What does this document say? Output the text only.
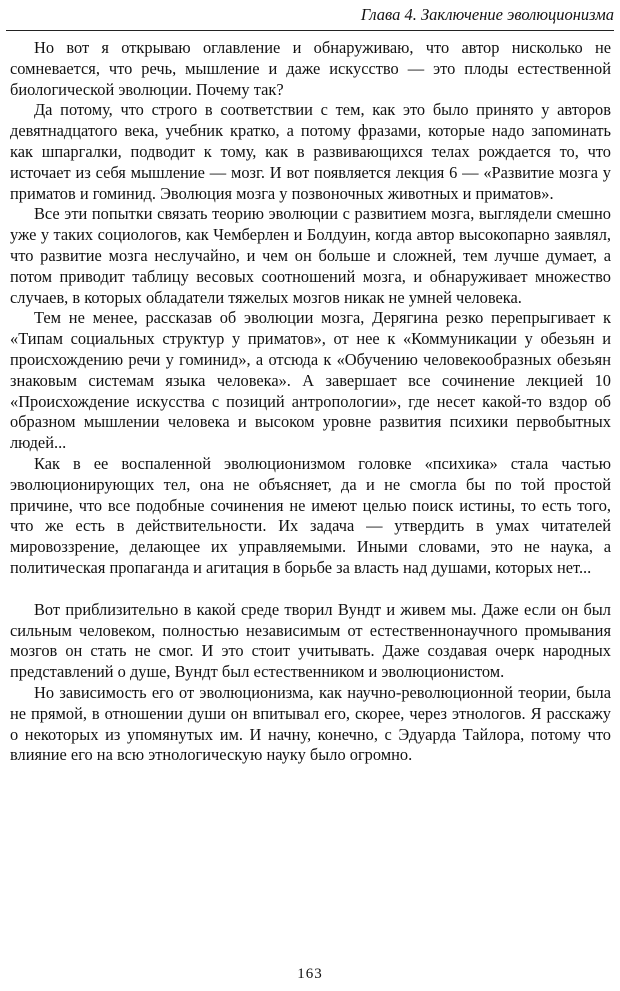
Глава 4. Заключение эволюционизма

Но вот я открываю оглавление и обнаруживаю, что автор нисколько не сомневается, что речь, мышление и даже искусство — это плоды естественной биологической эволюции. Почему так?

Да потому, что строго в соответствии с тем, как это было принято у авторов девятнадцатого века, учебник кратко, а потому фразами, которые надо запоминать как шпаргалки, подводит к тому, как в развивающихся телах рождается то, что источает из себя мышление — мозг. И вот появляется лекция 6 — «Развитие мозга у приматов и гоминид. Эволюция мозга у позвоночных животных и приматов».

Все эти попытки связать теорию эволюции с развитием мозга, выглядели смешно уже у таких социологов, как Чемберлен и Болдуин, когда автор высокопарно заявлял, что развитие мозга неслучайно, и чем он больше и сложней, тем лучше думает, а потом приводит таблицу весовых соотношений мозга, и обнаруживает множество случаев, в которых обладатели тяжелых мозгов никак не умней человека.

Тем не менее, рассказав об эволюции мозга, Дерягина резко перепрыгивает к «Типам социальных структур у приматов», от нее к «Коммуникации у обезьян и происхождению речи у гоминид», а отсюда к «Обучению человекообразных обезьян знаковым системам языка человека». А завершает все сочинение лекцией 10 «Происхождение искусства с позиций антропологии», где несет какой-то вздор об образном мышлении человека и высоком уровне развития психики первобытных людей...

Как в ее воспаленной эволюционизмом головке «психика» стала частью эволюционирующих тел, она не объясняет, да и не смогла бы по той простой причине, что все подобные сочинения не имеют целью поиск истины, то есть того, что же есть в действительности. Их задача — утвердить в умах читателей мировоззрение, делающее их управляемыми. Иными словами, это не наука, а политическая пропаганда и агитация в борьбе за власть над душами, которых нет...

Вот приблизительно в какой среде творил Вундт и живем мы. Даже если он был сильным человеком, полностью независимым от естественнонаучного промывания мозгов он стать не смог. И это стоит учитывать. Даже создавая очерк народных представлений о душе, Вундт был естественником и эволюционистом.

Но зависимость его от эволюционизма, как научно-революционной теории, была не прямой, в отношении души он впитывал его, скорее, через этнологов. Я расскажу о некоторых из упомянутых им. И начну, конечно, с Эдуарда Тайлора, потому что влияние его на всю этнологическую науку было огромно.

163
